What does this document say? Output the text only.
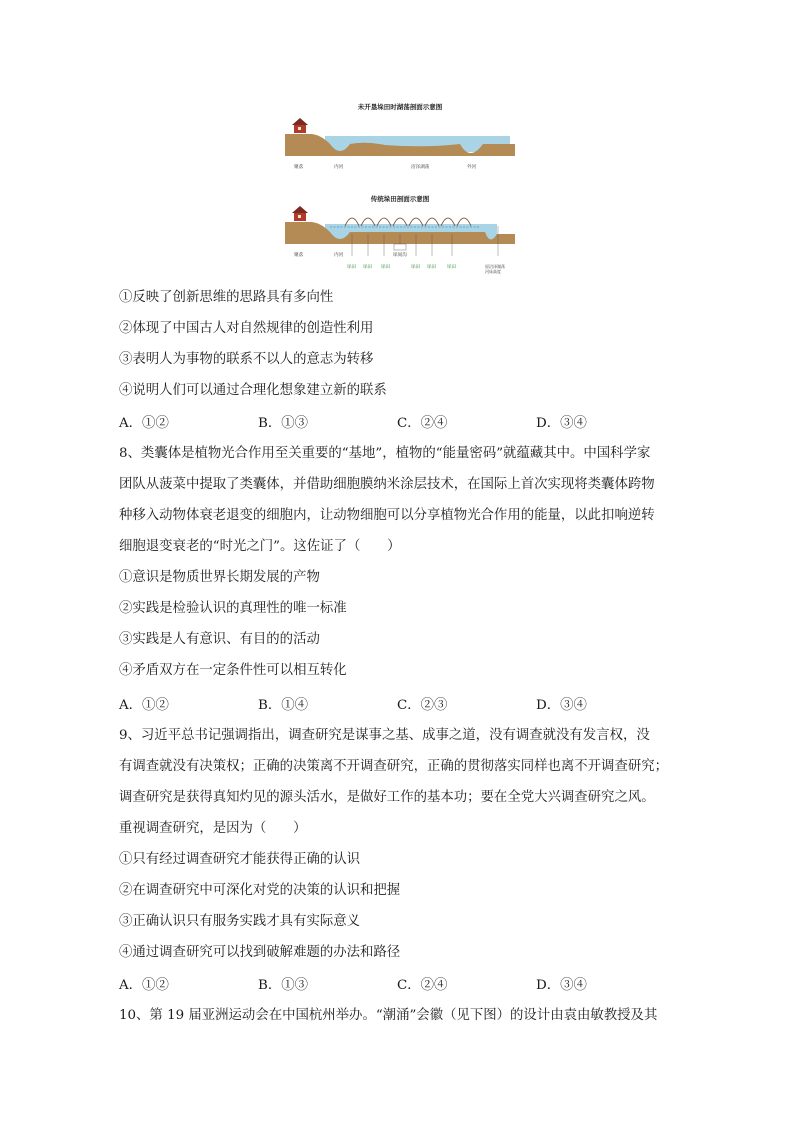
未开垦垛田时湖荡剖面示意图
聚落	内河	沼泽湖荡	外河
传统垛田剖面示意图
聚落	内河	垛间沟
垛田 垛田 垛田	垛田 垛田 垛田	原沼泽湖荡
河床高度
①反映了创新思维的思路具有多向性
②体现了中国古人对自然规律的创造性利用
③表明人为事物的联系不以人的意志为转移
④说明人们可以通过合理化想象建立新的联系
A．①②	B．①③	C．②④	D．③④
8、类囊体是植物光合作用至关重要的“基地”，植物的“能量密码”就蕴藏其中。中国科学家
团队从菠菜中提取了类囊体，并借助细胞膜纳米涂层技术，在国际上首次实现将类囊体跨物
种移入动物体衰老退变的细胞内，让动物细胞可以分享植物光合作用的能量，以此扣响逆转
细胞退变衰老的“时光之门”。这佐证了（　　）
①意识是物质世界长期发展的产物
②实践是检验认识的真理性的唯一标准
③实践是人有意识、有目的的活动
④矛盾双方在一定条件性可以相互转化
A．①②	B．①④	C．②③	D．③④
9、习近平总书记强调指出，调查研究是谋事之基、成事之道，没有调查就没有发言权，没
有调查就没有决策权；正确的决策离不开调查研究，正确的贯彻落实同样也离不开调查研究；
调查研究是获得真知灼见的源头活水，是做好工作的基本功；要在全党大兴调查研究之风。
重视调查研究，是因为（　　）
①只有经过调查研究才能获得正确的认识
②在调查研究中可深化对党的决策的认识和把握
③正确认识只有服务实践才具有实际意义
④通过调查研究可以找到破解难题的办法和路径
A．①②	B．①③	C．②④	D．③④
10、第 19 届亚洲运动会在中国杭州举办。“潮涌”会徽（见下图）的设计由袁由敏教授及其
